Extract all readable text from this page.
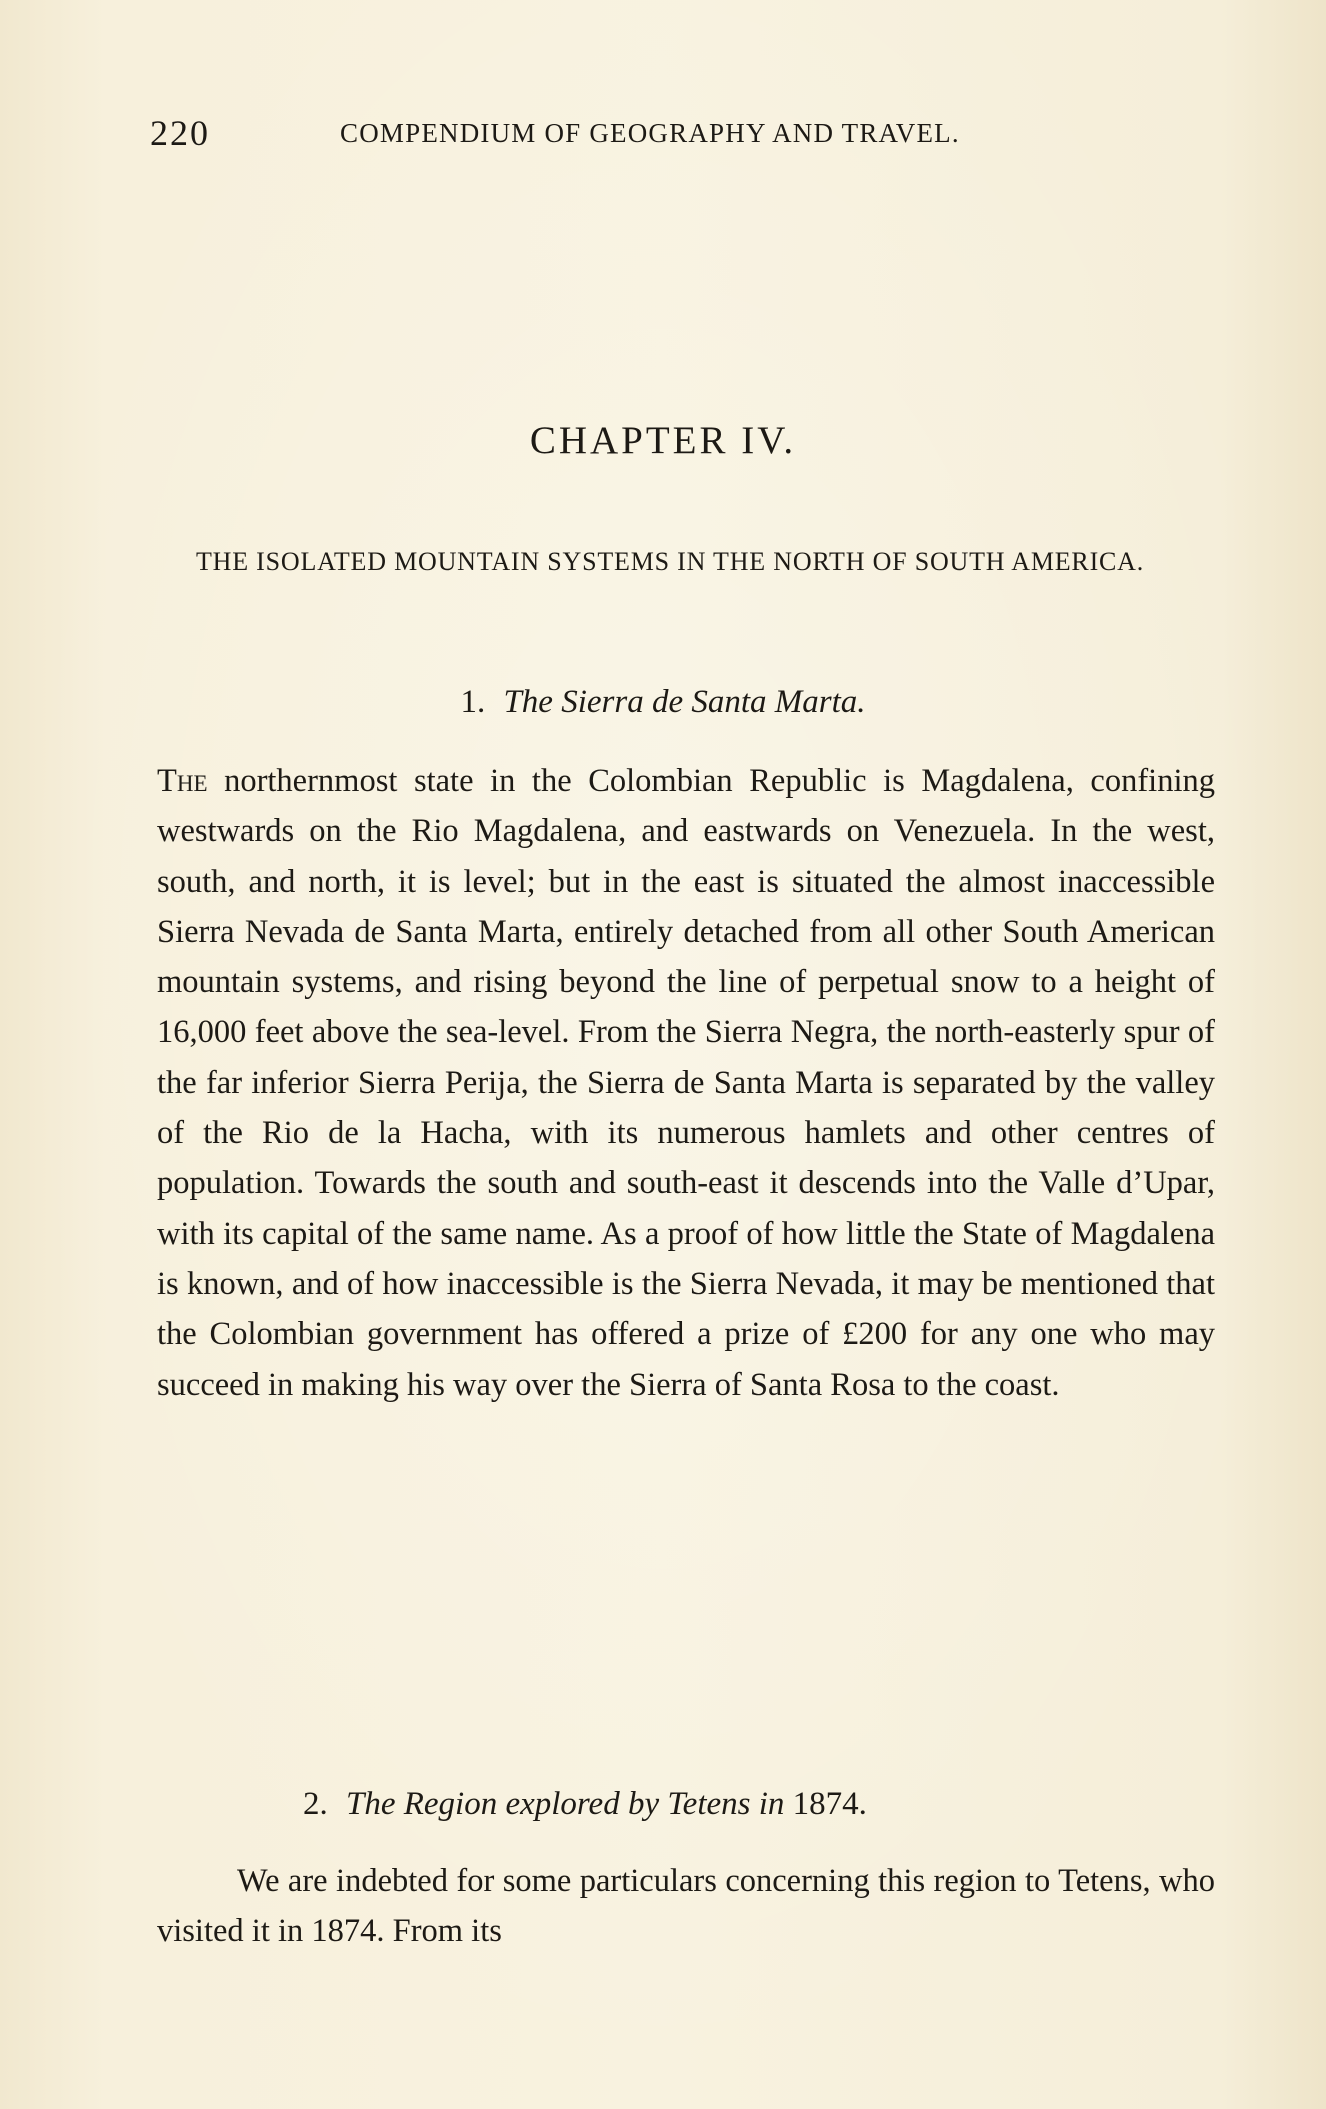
220	COMPENDIUM OF GEOGRAPHY AND TRAVEL.
CHAPTER IV.
THE ISOLATED MOUNTAIN SYSTEMS IN THE NORTH OF SOUTH AMERICA.
1. The Sierra de Santa Marta.

The northernmost state in the Colombian Republic is Magdalena, confining westwards on the Rio Magdalena, and eastwards on Venezuela. In the west, south, and north, it is level; but in the east is situated the almost inaccessible Sierra Nevada de Santa Marta, entirely detached from all other South American mountain systems, and rising beyond the line of perpetual snow to a height of 16,000 feet above the sea-level. From the Sierra Negra, the north-easterly spur of the far inferior Sierra Perija, the Sierra de Santa Marta is separated by the valley of the Rio de la Hacha, with its numerous hamlets and other centres of population. Towards the south and south-east it descends into the Valle d’Upar, with its capital of the same name. As a proof of how little the State of Magdalena is known, and of how inaccessible is the Sierra Nevada, it may be mentioned that the Colombian government has offered a prize of £200 for any one who may succeed in making his way over the Sierra of Santa Rosa to the coast.

2. The Region explored by Tetens in 1874.

We are indebted for some particulars concerning this region to Tetens, who visited it in 1874. From its
